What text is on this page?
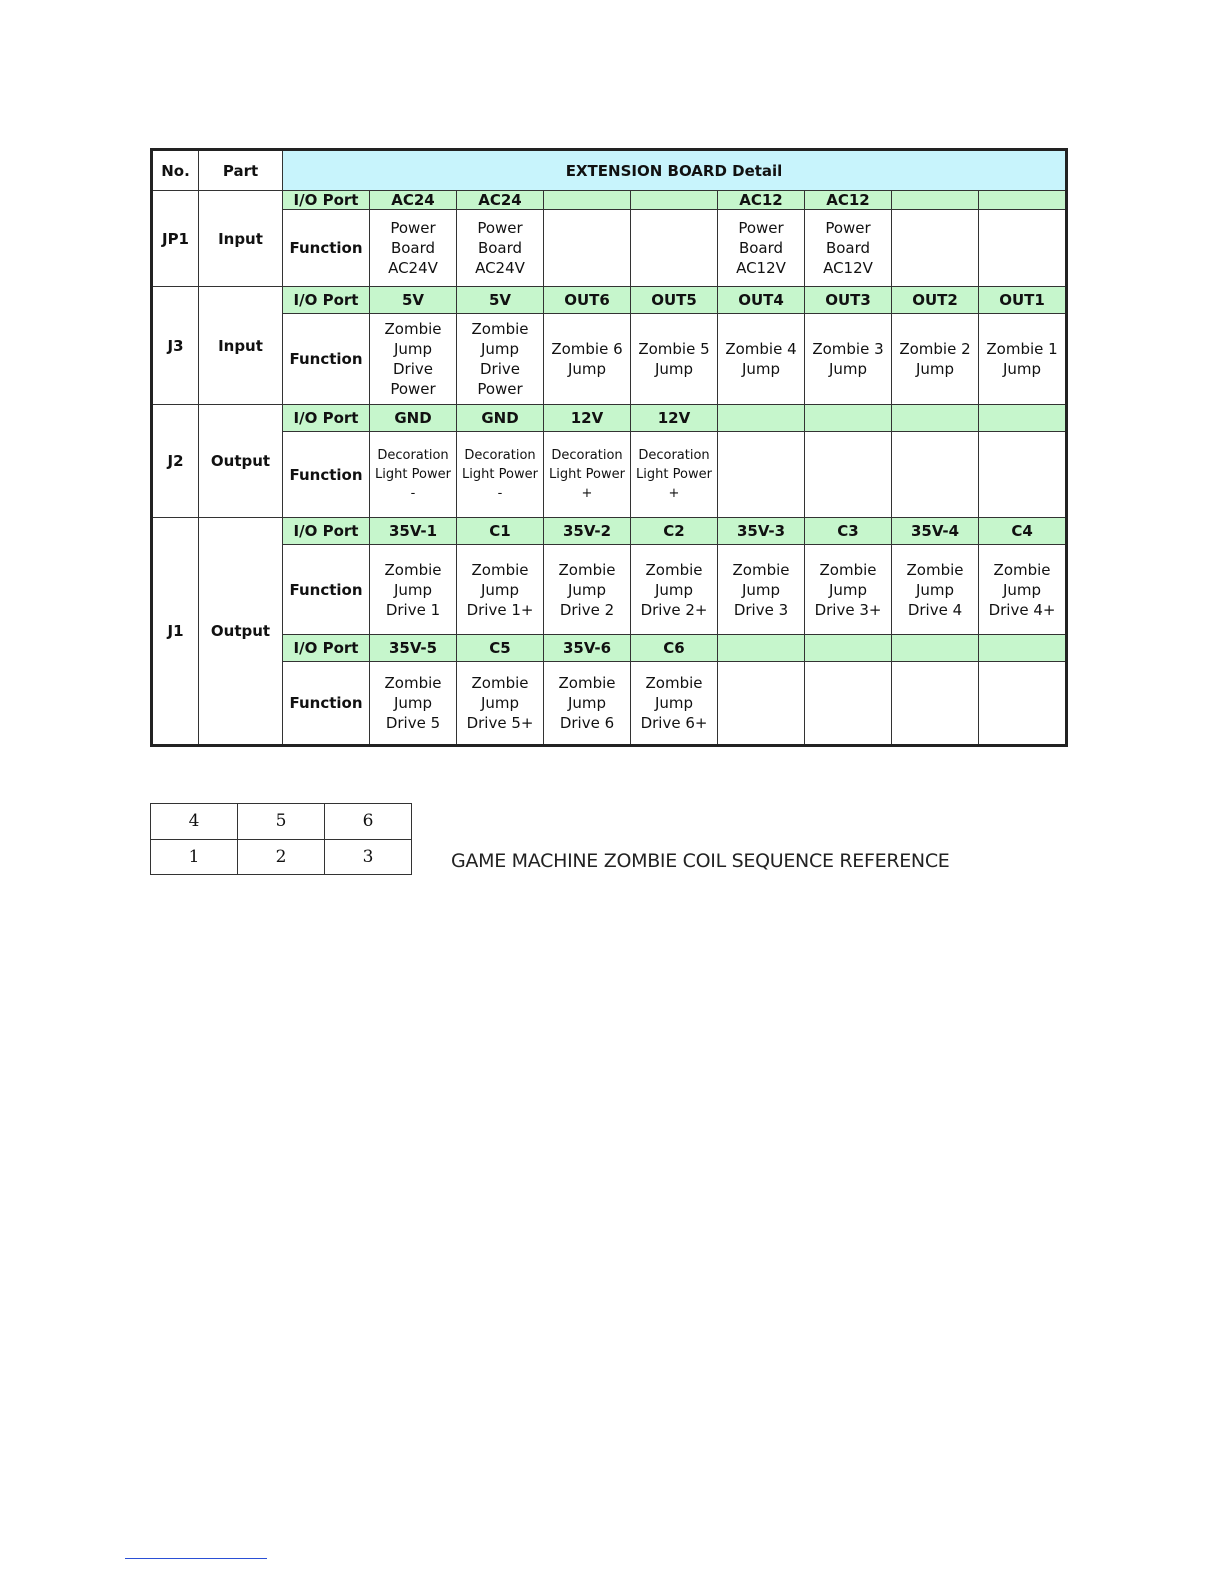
No.	Part	EXTENSION BOARD Detail								
JP1	Input	I/O Port	AC24	AC24			AC12	AC12		
		Function	Power
Board
AC24V	Power
Board
AC24V			Power
Board
AC12V	Power
Board
AC12V		
J3	Input	I/O Port	5V	5V	OUT6	OUT5	OUT4	OUT3	OUT2	OUT1
		Function	Zombie
Jump
Drive
Power	Zombie
Jump
Drive
Power	Zombie 6
Jump	Zombie 5
Jump	Zombie 4
Jump	Zombie 3
Jump	Zombie 2
Jump	Zombie 1
Jump
J2	Output	I/O Port	GND	GND	12V	12V				
		Function	Decoration
Light Power
-	Decoration
Light Power
-	Decoration
Light Power
+	Decoration
Light Power
+				
J1	Output	I/O Port	35V-1	C1	35V-2	C2	35V-3	C3	35V-4	C4
		Function	Zombie
Jump
Drive 1	Zombie
Jump
Drive 1+	Zombie
Jump
Drive 2	Zombie
Jump
Drive 2+	Zombie
Jump
Drive 3	Zombie
Jump
Drive 3+	Zombie
Jump
Drive 4	Zombie
Jump
Drive 4+
		I/O Port	35V-5	C5	35V-6	C6				
		Function	Zombie
Jump
Drive 5	Zombie
Jump
Drive 5+	Zombie
Jump
Drive 6	Zombie
Jump
Drive 6+				
4	5	6
1	2	3	GAME MACHINE ZOMBIE COIL SEQUENCE REFERENCE
